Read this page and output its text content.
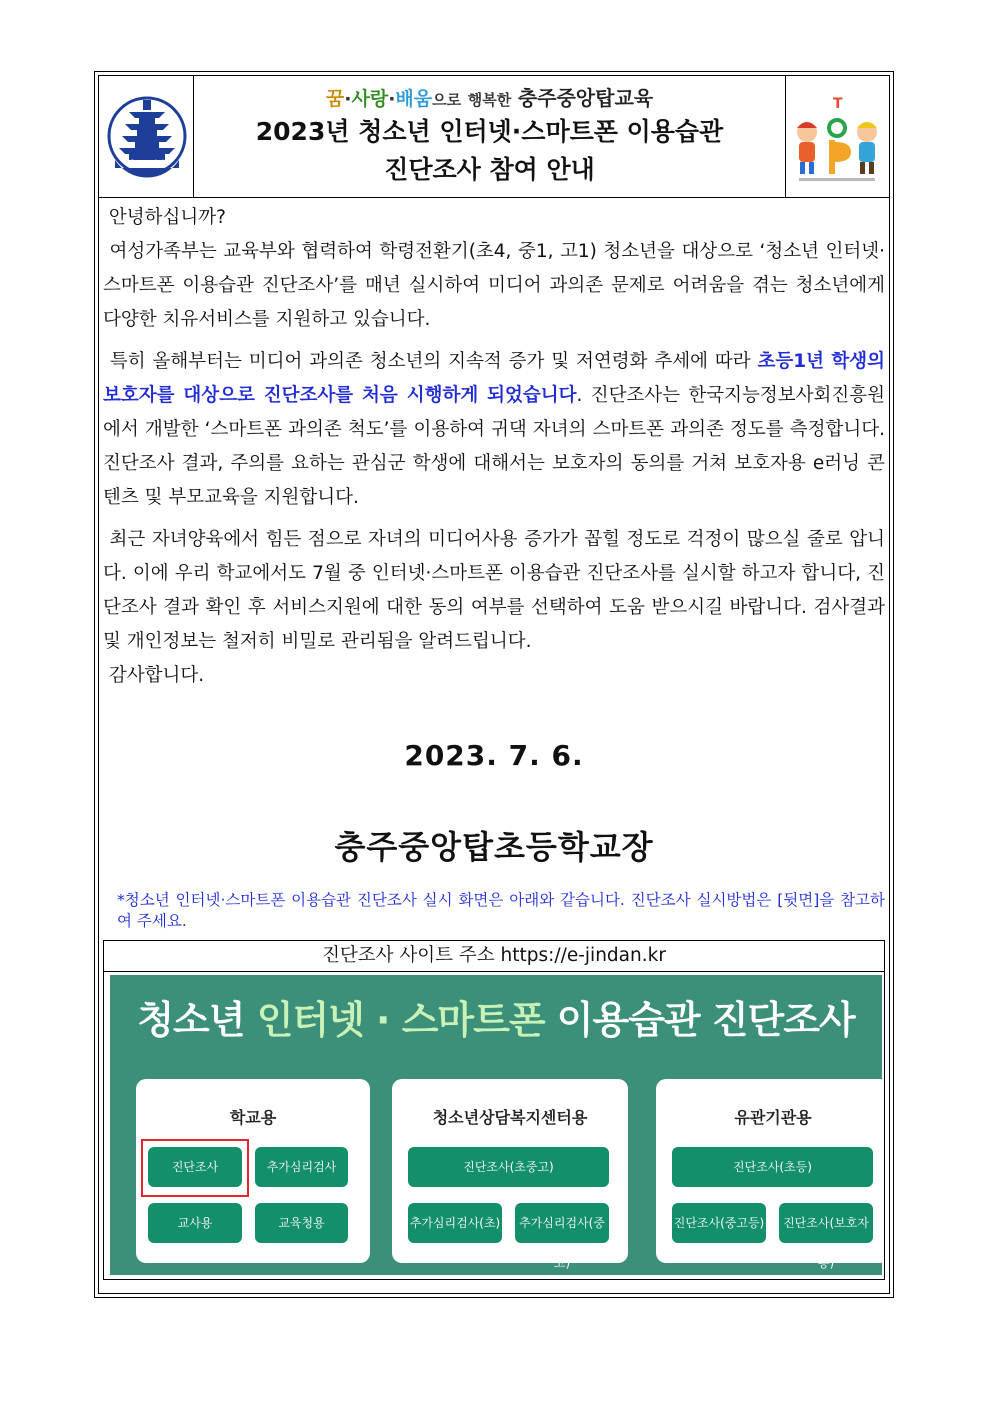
충주중앙탑
꿈·사랑·배움으로 행복한 충주중앙탑교육
2023년 청소년 인터넷·스마트폰 이용습관
진단조사 참여 안내
T

안녕하십니까?

여성가족부는 교육부와 협력하여 학령전환기(초4, 중1, 고1) 청소년을 대상으로 ‘청소년 인터넷·스마트폰 이용습관 진단조사’를 매년 실시하여 미디어 과의존 문제로 어려움을 겪는 청소년에게 다양한 치유서비스를 지원하고 있습니다.

특히 올해부터는 미디어 과의존 청소년의 지속적 증가 및 저연령화 추세에 따라 초등1년 학생의 보호자를 대상으로 진단조사를 처음 시행하게 되었습니다. 진단조사는 한국지능정보사회진흥원에서 개발한 ‘스마트폰 과의존 척도’를 이용하여 귀댁 자녀의 스마트폰 과의존 정도를 측정합니다. 진단조사 결과, 주의를 요하는 관심군 학생에 대해서는 보호자의 동의를 거쳐 보호자용 e러닝 콘텐츠 및 부모교육을 지원합니다.

최근 자녀양육에서 힘든 점으로 자녀의 미디어사용 증가가 꼽힐 정도로 걱정이 많으실 줄로 압니다. 이에 우리 학교에서도 7월 중 인터넷·스마트폰 이용습관 진단조사를 실시할 하고자 합니다, 진단조사 결과 확인 후 서비스지원에 대한 동의 여부를 선택하여 도움 받으시길 바랍니다. 검사결과 및 개인정보는 철저히 비밀로 관리됨을 알려드립니다.

감사합니다.

2023. 7. 6.
충주중앙탑초등학교장
*청소년 인터넷·스마트폰 이용습관 진단조사 실시 화면은 아래와 같습니다. 진단조사 실시방법은 [뒷면]을 참고하여 주세요.
진단조사 사이트 주소 https://e-jindan.kr
청소년 인터넷 · 스마트폰 이용습관 진단조사
학교용
진단조사	추가심리검사
교사용	교육청용
청소년상담복지센터용
진단조사(초중고)
추가심리검사(초)	추가심리검사(중고)
유관기관용
진단조사(초등)
진단조사(중고등)	진단조사(보호자용)
